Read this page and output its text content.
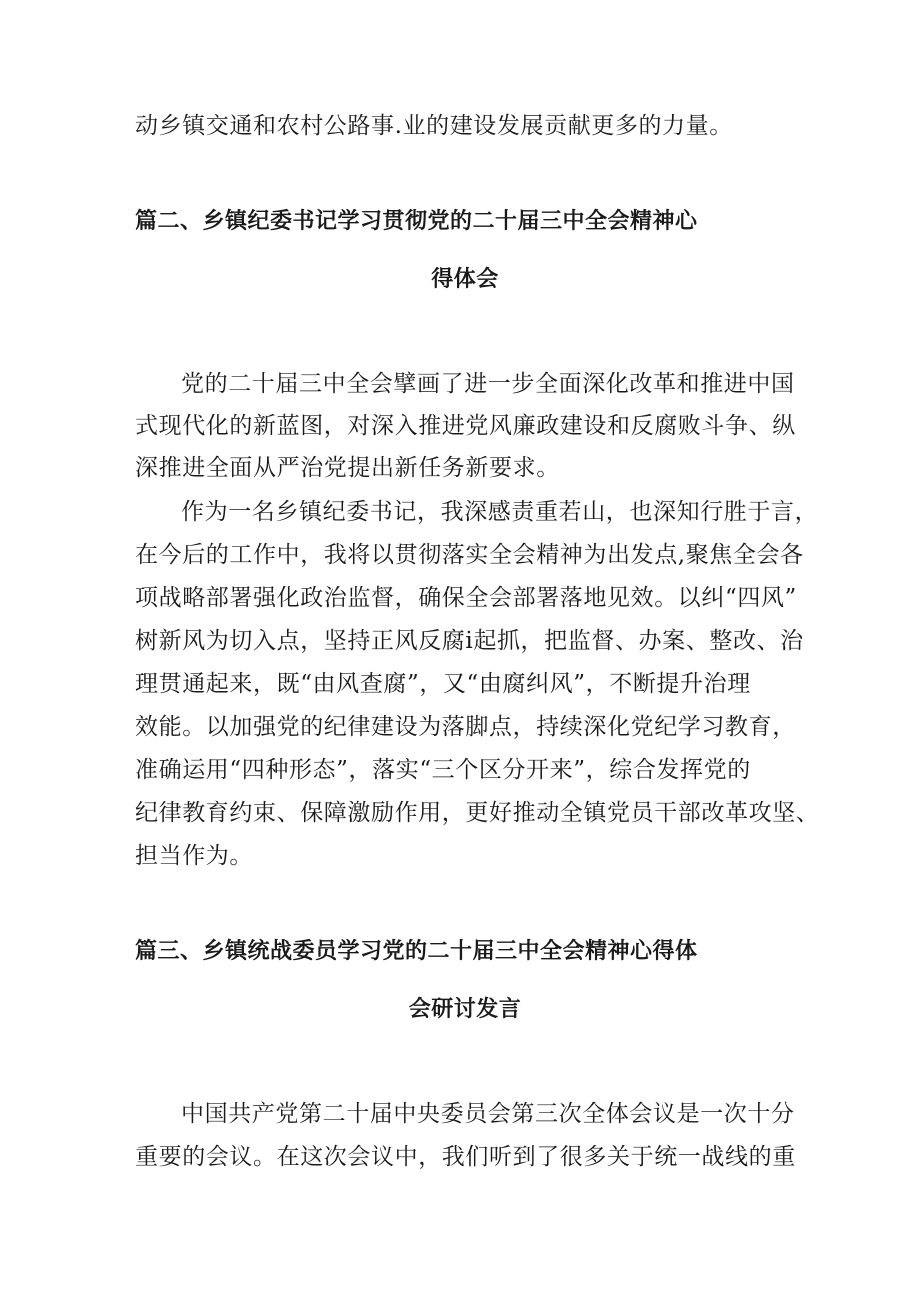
动乡镇交通和农村公路事.业的建设发展贡献更多的力量。
篇二、乡镇纪委书记学习贯彻党的二十届三中全会精神心
得体会
党的二十届三中全会擘画了进一步全面深化改革和推进中国
式现代化的新蓝图，对深入推进党风廉政建设和反腐败斗争、纵
深推进全面从严治党提出新任务新要求。
作为一名乡镇纪委书记，我深感责重若山，也深知行胜于言，
在今后的工作中，我将以贯彻落实全会精神为出发点,聚焦全会各
项战略部署强化政治监督，确保全会部署落地见效。以纠“四风”
树新风为切入点，坚持正风反腐i起抓，把监督、办案、整改、治
理贯通起来，既“由风查腐”，又“由腐纠风”，不断提升治理
效能。以加强党的纪律建设为落脚点，持续深化党纪学习教育，
准确运用“四种形态”，落实“三个区分开来”，综合发挥党的
纪律教育约束、保障激励作用，更好推动全镇党员干部改革攻坚、
担当作为。
篇三、乡镇统战委员学习党的二十届三中全会精神心得体
会研讨发言
中国共产党第二十届中央委员会第三次全体会议是一次十分
重要的会议。在这次会议中，我们听到了很多关于统一战线的重
